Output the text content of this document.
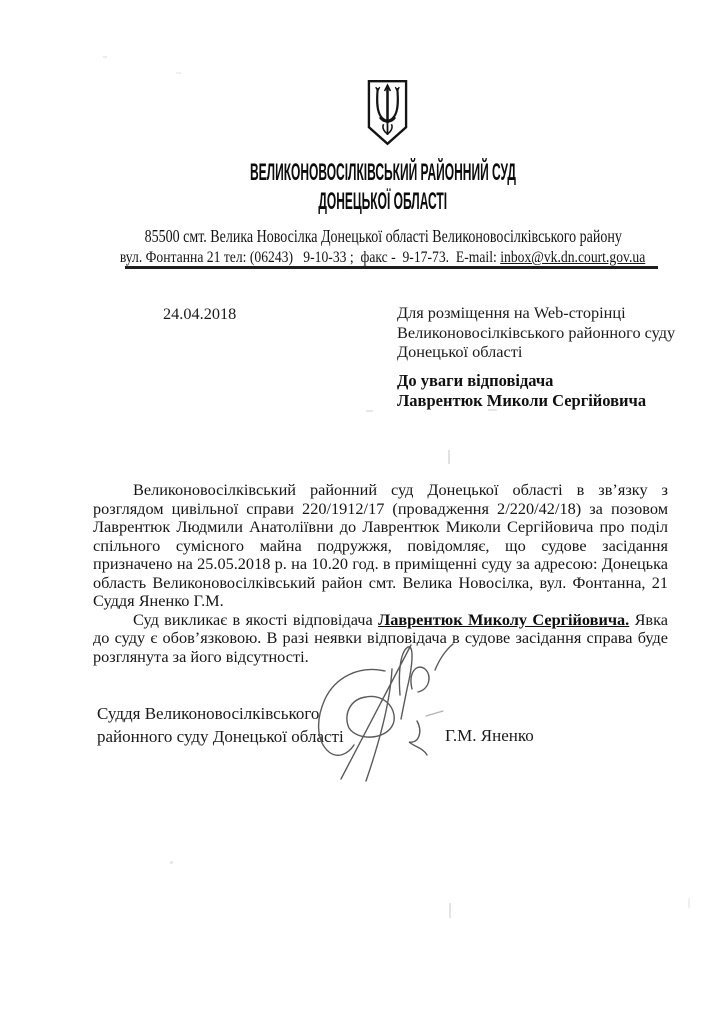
ВЕЛИКОНОВОСІЛКІВСЬКИЙ РАЙОННИЙ СУД
ДОНЕЦЬКОЇ ОБЛАСТІ
85500 смт. Велика Новосілка Донецької області Великоновосілківського району
вул. Фонтанна 21 тел: (06243)   9-10-33 ;  факс -  9-17-73.  E-mail: inbox@vk.dn.court.gov.ua
24.04.2018	Для розміщення на Web-сторінці
Великоновосілківського районного суду
Донецької області
До уваги відповідача
Лаврентюк Миколи Сергійовича

Великоновосілківський районний суд Донецької області в зв’язку з розглядом цивільної справи 220/1912/17 (провадження 2/220/42/18) за позовом Лаврентюк Людмили Анатоліївни до Лаврентюк Миколи Сергійовича про поділ спільного сумісного майна подружжя, повідомляє, що судове засідання призначено на 25.05.2018 р. на 10.20 год. в приміщенні суду за адресою: Донецька область Великоновосілківський район смт. Велика Новосілка, вул. Фонтанна, 21 Суддя Яненко Г.М.

Суд викликає в якості відповідача Лаврентюк Миколу Сергійовича. Явка до суду є обов’язковою. В разі неявки відповідача в судове засідання справа буде розглянута за його відсутності.

Суддя Великоновосілківського
районного суду Донецької області	Г.М. Яненко
